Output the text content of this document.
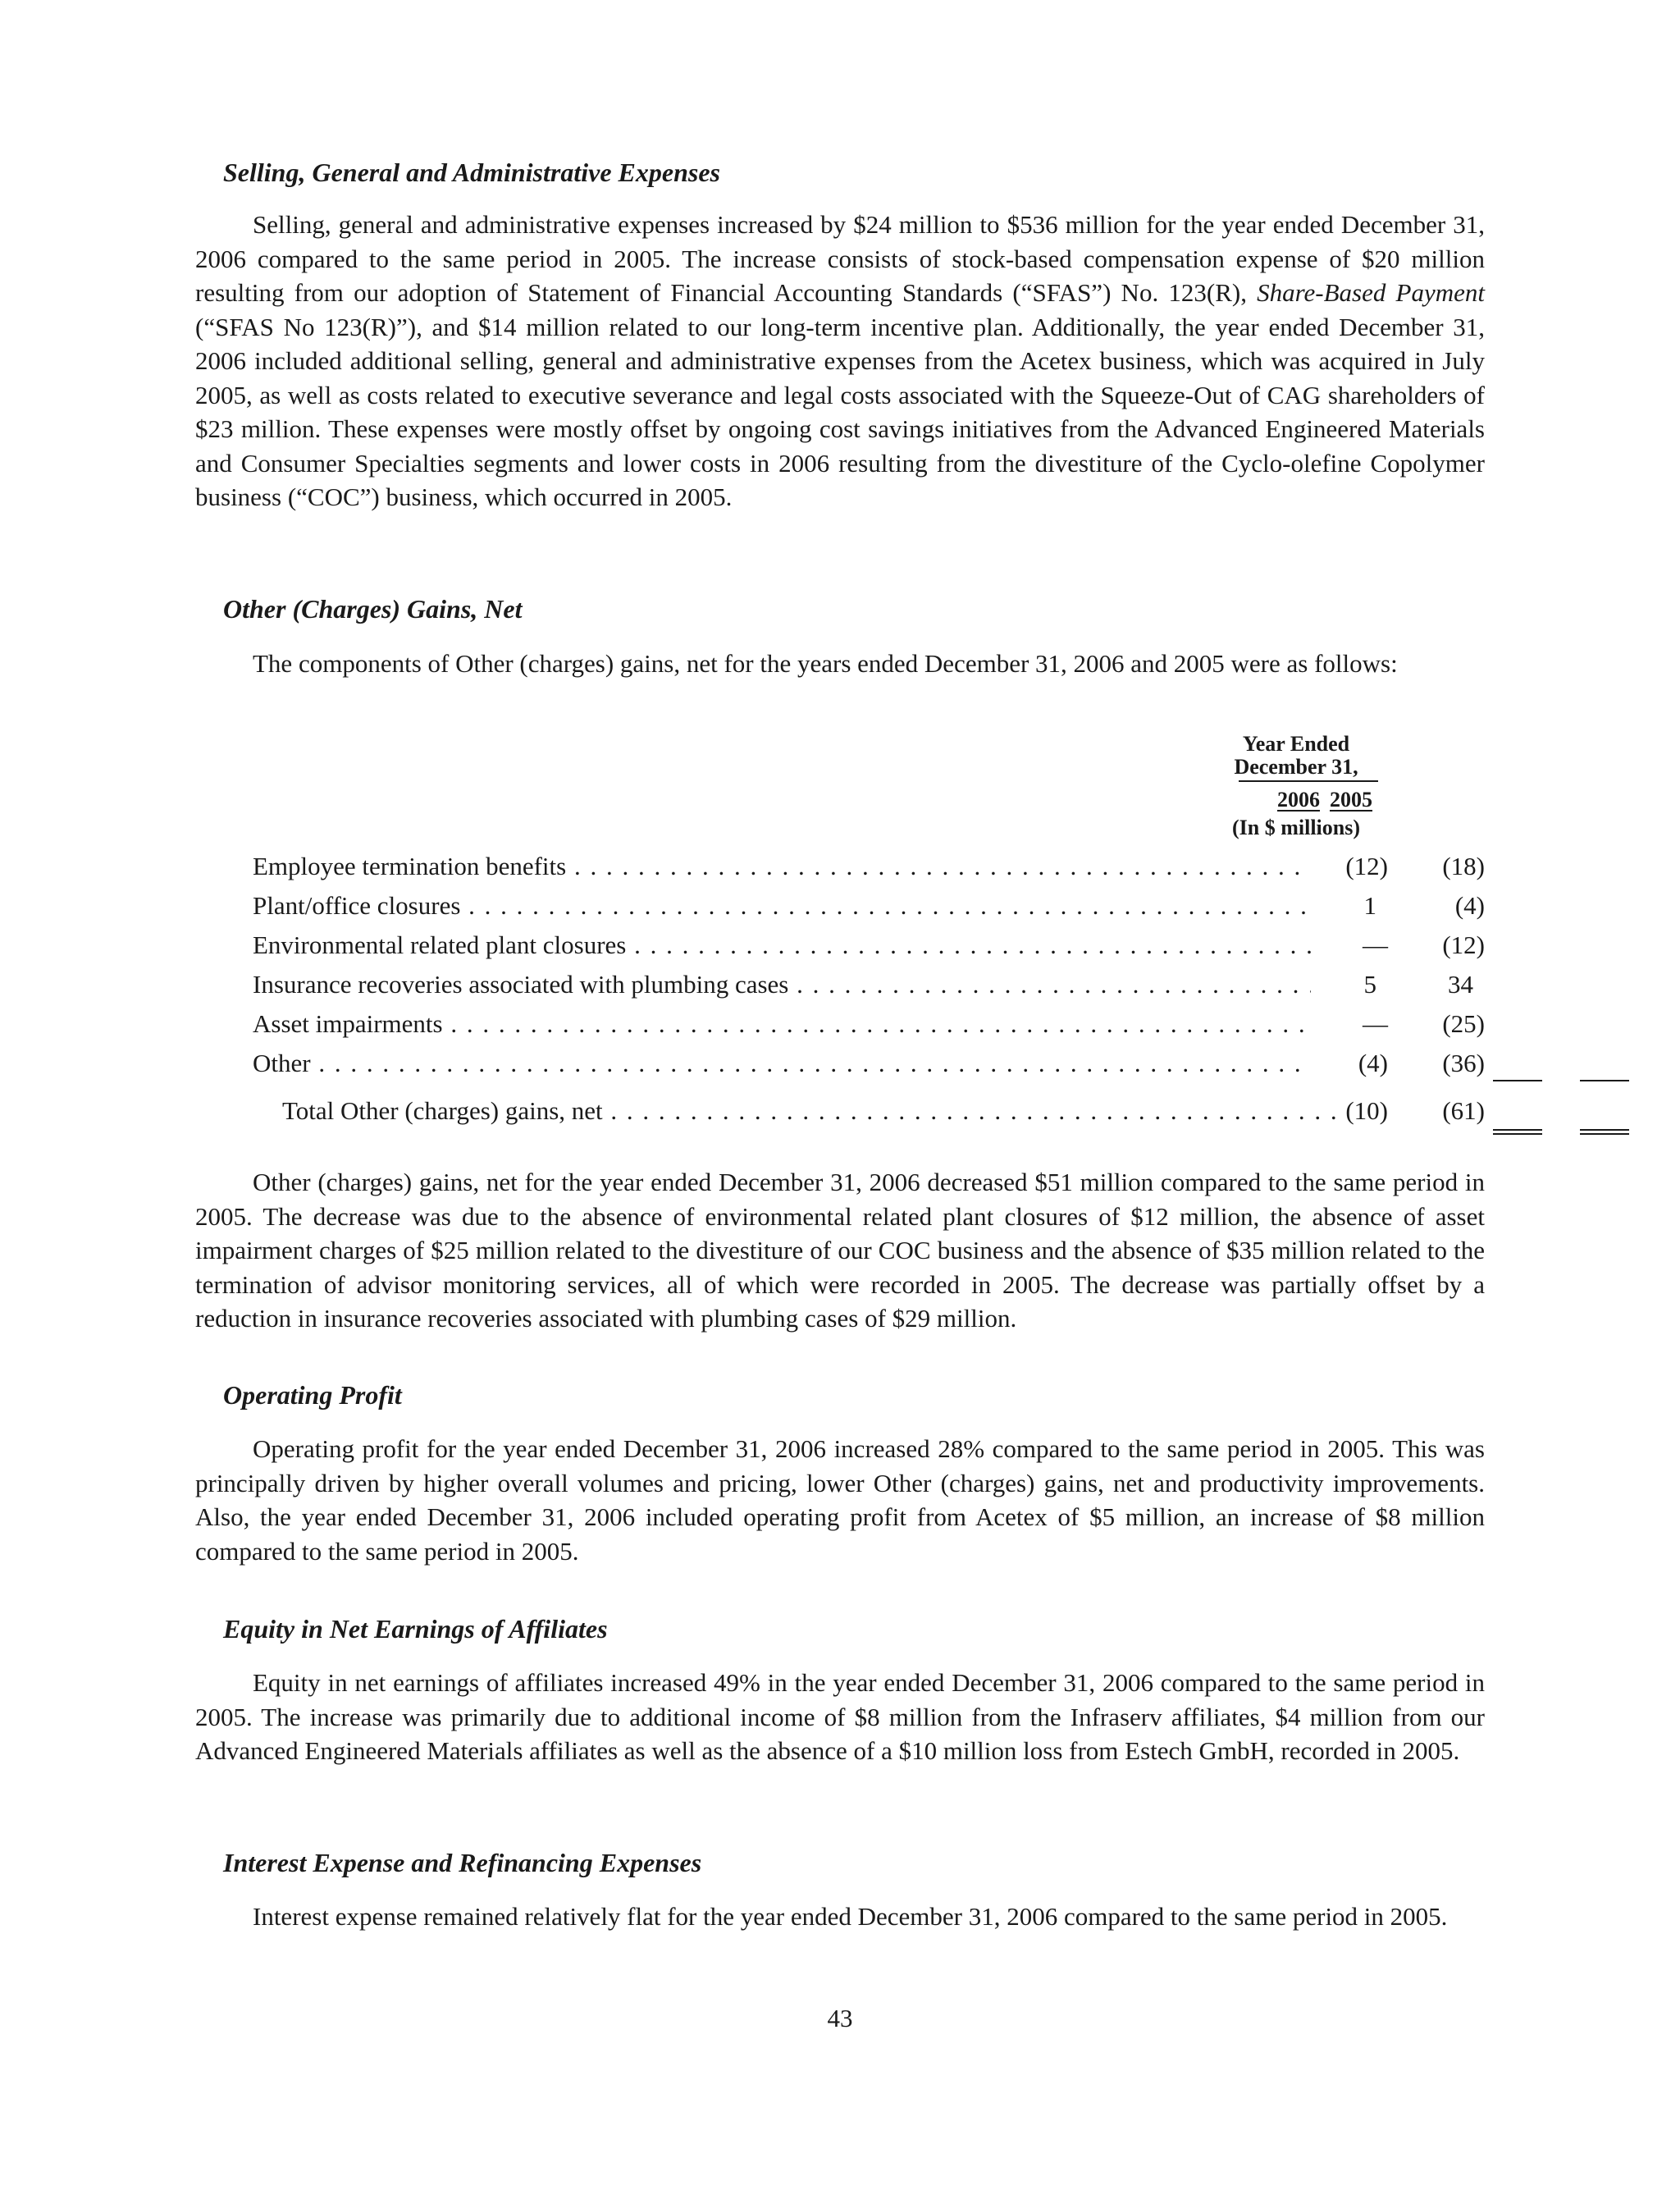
Selling, General and Administrative Expenses

Selling, general and administrative expenses increased by $24 million to $536 million for the year ended December 31, 2006 compared to the same period in 2005. The increase consists of stock-based compensation expense of $20 million resulting from our adoption of Statement of Financial Accounting Standards (“SFAS”) No. 123(R), Share-Based Payment (“SFAS No 123(R)”), and $14 million related to our long-term incentive plan. Additionally, the year ended December 31, 2006 included additional selling, general and administrative expenses from the Acetex business, which was acquired in July 2005, as well as costs related to executive severance and legal costs associated with the Squeeze-Out of CAG shareholders of $23 million. These expenses were mostly offset by ongoing cost savings initiatives from the Advanced Engineered Materials and Consumer Specialties segments and lower costs in 2006 resulting from the divestiture of the Cyclo-olefine Copolymer business (“COC”) business, which occurred in 2005.

Other (Charges) Gains, Net

The components of Other (charges) gains, net for the years ended December 31, 2006 and 2005 were as follows:

Year Ended
December 31,
2006 2005
(In $ millions)
Employee termination benefits . . .	(12)	(18)
Plant/office closures . . .	1	(4)
Environmental related plant closures . . .	—	(12)
Insurance recoveries associated with plumbing cases . . .	5	34
Asset impairments . . .	—	(25)
Other . . .	(4)	(36)
Total Other (charges) gains, net . . .	(10)	(61)

Other (charges) gains, net for the year ended December 31, 2006 decreased $51 million compared to the same period in 2005. The decrease was due to the absence of environmental related plant closures of $12 million, the absence of asset impairment charges of $25 million related to the divestiture of our COC business and the absence of $35 million related to the termination of advisor monitoring services, all of which were recorded in 2005. The decrease was partially offset by a reduction in insurance recoveries associated with plumbing cases of $29 million.

Operating Profit

Operating profit for the year ended December 31, 2006 increased 28% compared to the same period in 2005. This was principally driven by higher overall volumes and pricing, lower Other (charges) gains, net and productivity improvements. Also, the year ended December 31, 2006 included operating profit from Acetex of $5 million, an increase of $8 million compared to the same period in 2005.

Equity in Net Earnings of Affiliates

Equity in net earnings of affiliates increased 49% in the year ended December 31, 2006 compared to the same period in 2005. The increase was primarily due to additional income of $8 million from the Infraserv affiliates, $4 million from our Advanced Engineered Materials affiliates as well as the absence of a $10 million loss from Estech GmbH, recorded in 2005.

Interest Expense and Refinancing Expenses

Interest expense remained relatively flat for the year ended December 31, 2006 compared to the same period in 2005.

43
